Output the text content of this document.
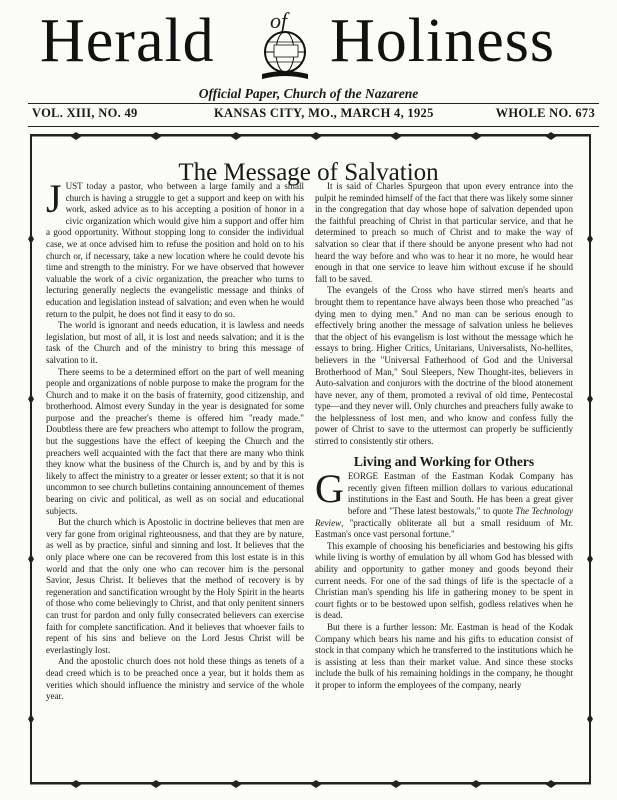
Herald	of Holiness
Official Paper, Church of the Nazarene
VOL. XIII, NO. 49	KANSAS CITY, MO., MARCH 4, 1925	WHOLE NO. 673
The Message of Salvation

JUST today a pastor, who between a large family and a small church is having a struggle to get a support and keep on with his work, asked advice as to his accepting a position of honor in a civic organization which would give him a support and offer him a good opportunity. Without stopping long to consider the individual case, we at once advised him to refuse the position and hold on to his church or, if necessary, take a new location where he could devote his time and strength to the ministry. For we have observed that however valuable the work of a civic organization, the preacher who turns to lecturing generally neglects the evangelistic message and thinks of education and legislation instead of salvation; and even when he would return to the pulpit, he does not find it easy to do so.

The world is ignorant and needs education, it is lawless and needs legislation, but most of all, it is lost and needs salvation; and it is the task of the Church and of the ministry to bring this message of salvation to it.

There seems to be a determined effort on the part of well meaning people and organizations of noble purpose to make the program for the Church and to make it on the basis of fraternity, good citizenship, and brotherhood. Almost every Sunday in the year is designated for some purpose and the preacher's theme is offered him "ready made." Doubtless there are few preachers who attempt to follow the program, but the suggestions have the effect of keeping the Church and the preachers well acquainted with the fact that there are many who think they know what the business of the Church is, and by and by this is likely to affect the ministry to a greater or lesser extent; so that it is not uncommon to see church bulletins containing announcement of themes bearing on civic and political, as well as on social and educational subjects.

But the church which is Apostolic in doctrine believes that men are very far gone from original righteousness, and that they are by nature, as well as by practice, sinful and sinning and lost. It believes that the only place where one can be recovered from this lost estate is in this world and that the only one who can recover him is the personal Savior, Jesus Christ. It believes that the method of recovery is by regeneration and sanctification wrought by the Holy Spirit in the hearts of those who come believingly to Christ, and that only penitent sinners can trust for pardon and only fully consecrated believers can exercise faith for complete sanctification. And it believes that whoever fails to repent of his sins and believe on the Lord Jesus Christ will be everlastingly lost.

And the apostolic church does not hold these things as tenets of a dead creed which is to be preached once a year, but it holds them as verities which should influence the ministry and service of the whole year.

It is said of Charles Spurgeon that upon every entrance into the pulpit he reminded himself of the fact that there was likely some sinner in the congregation that day whose hope of salvation depended upon the faithful preaching of Christ in that particular service, and that he determined to preach so much of Christ and to make the way of salvation so clear that if there should be anyone present who had not heard the way before and who was to hear it no more, he would hear enough in that one service to leave him without excuse if he should fall to be saved.

The evangels of the Cross who have stirred men's hearts and brought them to repentance have always been those who preached "as dying men to dying men." And no man can be serious enough to effectively bring another the message of salvation unless he believes that the object of his evangelism is lost without the message which he essays to bring. Higher Critics, Unitarians, Universalists, No-hellites, believers in the "Universal Fatherhood of God and the Universal Brotherhood of Man," Soul Sleepers, New Thought-ites, believers in Auto-salvation and conjurors with the doctrine of the blood atonement have never, any of them, promoted a revival of old time, Pentecostal type—and they never will. Only churches and preachers fully awake to the helplessness of lost men, and who know and confess fully the power of Christ to save to the uttermost can properly be sufficiently stirred to consistently stir others.

Living and Working for Others

GEORGE Eastman of the Eastman Kodak Company has recently given fifteen million dollars to various educational institutions in the East and South. He has been a great giver before and "These latest bestowals," to quote The Technology Review, "practically obliterate all but a small residuum of Mr. Eastman's once vast personal fortune."

This example of choosing his beneficiaries and bestowing his gifts while living is worthy of emulation by all whom God has blessed with ability and opportunity to gather money and goods beyond their current needs. For one of the sad things of life is the spectacle of a Christian man's spending his life in gathering money to be spent in court fights or to be bestowed upon selfish, godless relatives when he is dead.

But there is a further lesson: Mr. Eastman is head of the Kodak Company which bears his name and his gifts to education consist of stock in that company which he transferred to the institutions which he is assisting at less than their market value. And since these stocks include the bulk of his remaining holdings in the company, he thought it proper to inform the employees of the company, nearly
